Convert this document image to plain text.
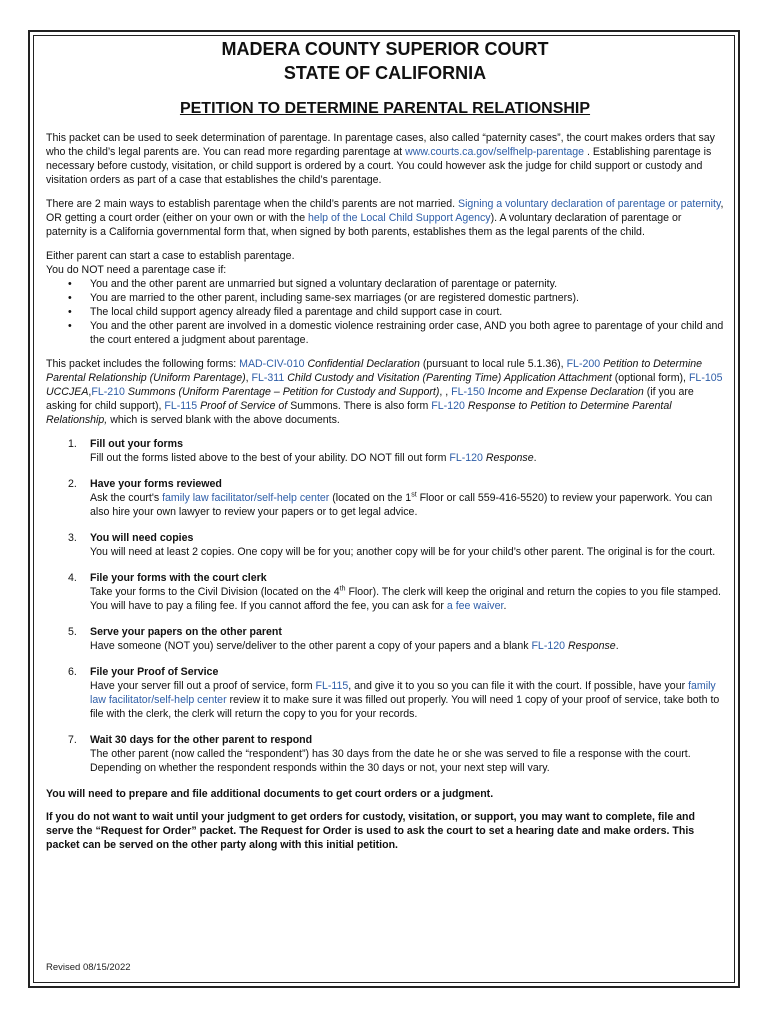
MADERA COUNTY SUPERIOR COURT
STATE OF CALIFORNIA
PETITION TO DETERMINE PARENTAL RELATIONSHIP

This packet can be used to seek determination of parentage. In parentage cases, also called “paternity cases”, the court makes orders that say who the child’s legal parents are. You can read more regarding parentage at www.courts.ca.gov/selfhelp-parentage . Establishing parentage is necessary before custody, visitation, or child support is ordered by a court. You could however ask the judge for child support or custody and visitation orders as part of a case that establishes the child’s parentage.

There are 2 main ways to establish parentage when the child’s parents are not married. Signing a voluntary declaration of parentage or paternity, OR getting a court order (either on your own or with the help of the Local Child Support Agency). A voluntary declaration of parentage or paternity is a California governmental form that, when signed by both parents, establishes them as the legal parents of the child.

Either parent can start a case to establish parentage.

You do NOT need a parentage case if:

• You and the other parent are unmarried but signed a voluntary declaration of parentage or paternity.
• You are married to the other parent, including same-sex marriages (or are registered domestic partners).
• The local child support agency already filed a parentage and child support case in court.
• You and the other parent are involved in a domestic violence restraining order case, AND you both agree to parentage of your child and the court entered a judgment about parentage.

This packet includes the following forms: MAD-CIV-010 Confidential Declaration (pursuant to local rule 5.1.36), FL-200 Petition to Determine Parental Relationship (Uniform Parentage), FL-311 Child Custody and Visitation (Parenting Time) Application Attachment (optional form), FL-105 UCCJEA,FL-210 Summons (Uniform Parentage – Petition for Custody and Support), , FL-150 Income and Expense Declaration (if you are asking for child support), FL-115 Proof of Service of Summons. There is also form FL-120 Response to Petition to Determine Parental Relationship, which is served blank with the above documents.

1. Fill out your forms
Fill out the forms listed above to the best of your ability. DO NOT fill out form FL-120 Response.
2. Have your forms reviewed
Ask the court's family law facilitator/self-help center (located on the 1st Floor or call 559-416-5520) to review your paperwork. You can also hire your own lawyer to review your papers or to get legal advice.
3. You will need copies
You will need at least 2 copies. One copy will be for you; another copy will be for your child’s other parent. The original is for the court.
4. File your forms with the court clerk
Take your forms to the Civil Division (located on the 4th Floor). The clerk will keep the original and return the copies to you file stamped. You will have to pay a filing fee. If you cannot afford the fee, you can ask for a fee waiver.
5. Serve your papers on the other parent
Have someone (NOT you) serve/deliver to the other parent a copy of your papers and a blank FL-120 Response.
6. File your Proof of Service
Have your server fill out a proof of service, form FL-115, and give it to you so you can file it with the court. If possible, have your family law facilitator/self-help center review it to make sure it was filled out properly. You will need 1 copy of your proof of service, take both to file with the clerk, the clerk will return the copy to you for your records.
7. Wait 30 days for the other parent to respond
The other parent (now called the “respondent”) has 30 days from the date he or she was served to file a response with the court. Depending on whether the respondent responds within the 30 days or not, your next step will vary.

You will need to prepare and file additional documents to get court orders or a judgment.

If you do not want to wait until your judgment to get orders for custody, visitation, or support, you may want to complete, file and serve the “Request for Order” packet. The Request for Order is used to ask the court to set a hearing date and make orders. This packet can be served on the other party along with this initial petition.

Revised 08/15/2022
